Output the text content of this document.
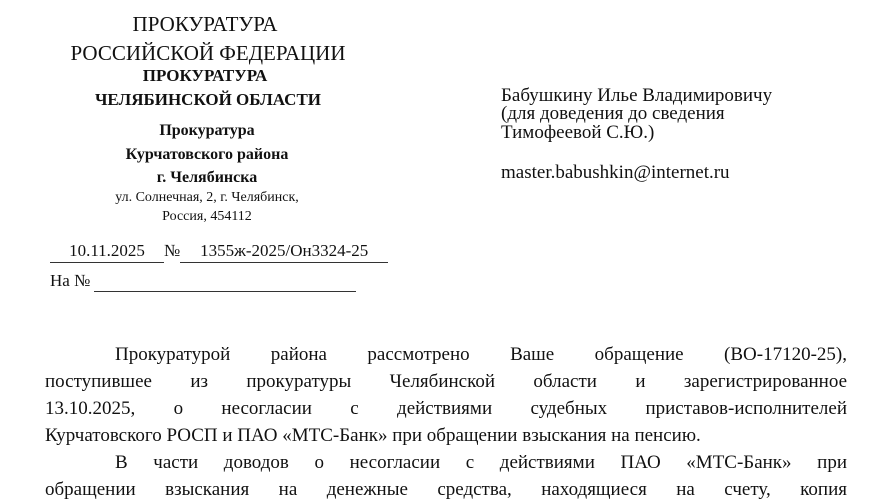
ПРОКУРАТУРА
РОССИЙСКОЙ ФЕДЕРАЦИИ
ПРОКУРАТУРА
ЧЕЛЯБИНСКОЙ ОБЛАСТИ
Прокуратура
Курчатовского района
г. Челябинска
ул. Солнечная, 2, г. Челябинск,
Россия, 454112
10.11.2025 № 1355ж-2025/Он3324-25
На №
Бабушкину Илье Владимировичу
(для доведения до сведения
Тимофеевой С.Ю.)
master.babushkin@internet.ru
Прокуратурой района рассмотрено Ваше обращение (ВО-17120-25),
поступившее из прокуратуры Челябинской области и зарегистрированное
13.10.2025, о несогласии с действиями судебных приставов-исполнителей
Курчатовского РОСП и ПАО «МТС-Банк» при обращении взыскания на пенсию.
В части доводов о несогласии с действиями ПАО «МТС-Банк» при
обращении взыскания на денежные средства, находящиеся на счету, копия
